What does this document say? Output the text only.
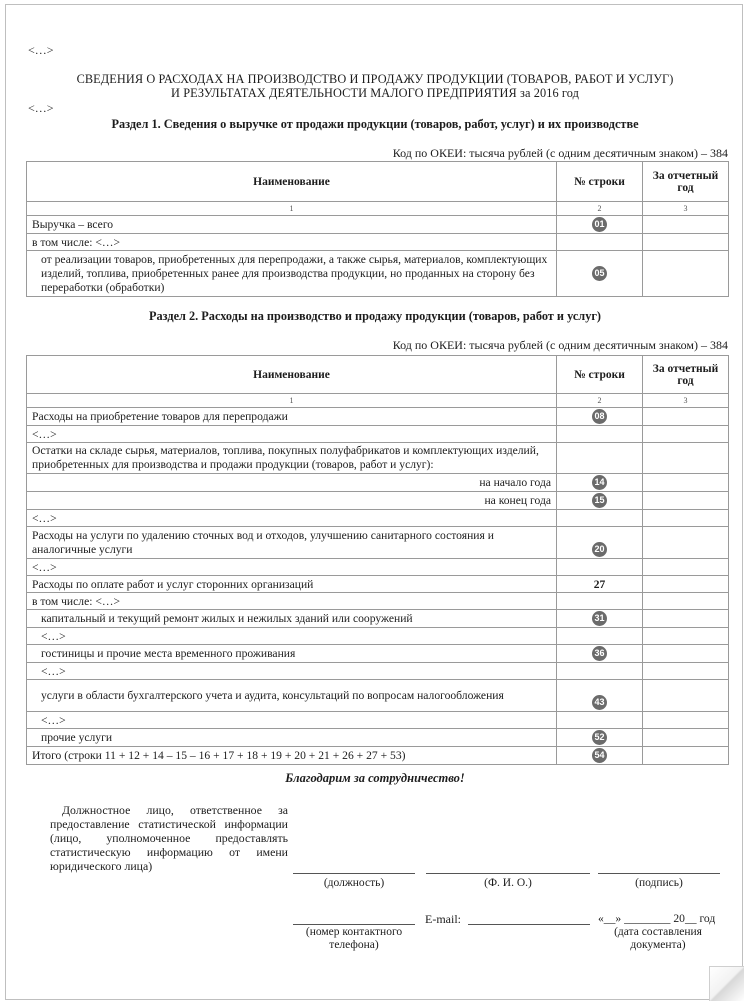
<…>
СВЕДЕНИЯ О РАСХОДАХ НА ПРОИЗВОДСТВО И ПРОДАЖУ ПРОДУКЦИИ (ТОВАРОВ, РАБОТ И УСЛУГ)
И РЕЗУЛЬТАТАХ ДЕЯТЕЛЬНОСТИ МАЛОГО ПРЕДПРИЯТИЯ за 2016 год
<…>
Раздел 1. Сведения о выручке от продажи продукции (товаров, работ, услуг) и их производстве
Код по ОКЕИ: тысяча рублей (с одним десятичным знаком) – 384
Наименование	№ строки	За отчетный
год

1	2	3
Выручка – всего	01	
в том числе: <…>		
от реализации товаров, приобретенных для перепродажи, а также сырья, материалов, комплектующих изделий, топлива, приобретенных ранее для производства продукции, но проданных на сторону без переработки (обработки)	05	
Раздел 2. Расходы на производство и продажу продукции (товаров, работ и услуг)
Код по ОКЕИ: тысяча рублей (с одним десятичным знаком) – 384
Наименование	№ строки	За отчетный
год

1	2	3
Расходы на приобретение товаров для перепродажи	08	
<…>		
Остатки на складе сырья, материалов, топлива, покупных полуфабрикатов и комплектующих изделий, приобретенных для производства и продажи продукции (товаров, работ и услуг):		
на начало года	14	
на конец года	15	
<…>		
Расходы на услуги по удалению сточных вод и отходов, улучшению санитарного состояния и аналогичные услуги	20	
<…>		
Расходы по оплате работ и услуг сторонних организаций	27	
в том числе: <…>		
капитальный и текущий ремонт жилых и нежилых зданий или сооружений	31	
<…>		
гостиницы и прочие места временного проживания	36	
<…>		
услуги в области бухгалтерского учета и аудита, консультаций по вопросам налогообложения	43	
<…>		
прочие услуги	52	
Итого (строки 11 + 12 + 14 – 15 – 16 + 17 + 18 + 19 + 20 + 21 + 26 + 27 + 53)	54	
Благодарим за сотрудничество!
Должностное лицо, ответственное за предоставление статистической информации (лицо, уполномоченное предоставлять статистическую информацию от имени юридического лица)
(должность)	(Ф. И. О.)	(подпись)
(номер контактного
телефона)
E-mail:	«__» ________ 20__ год
(дата составления
документа)
